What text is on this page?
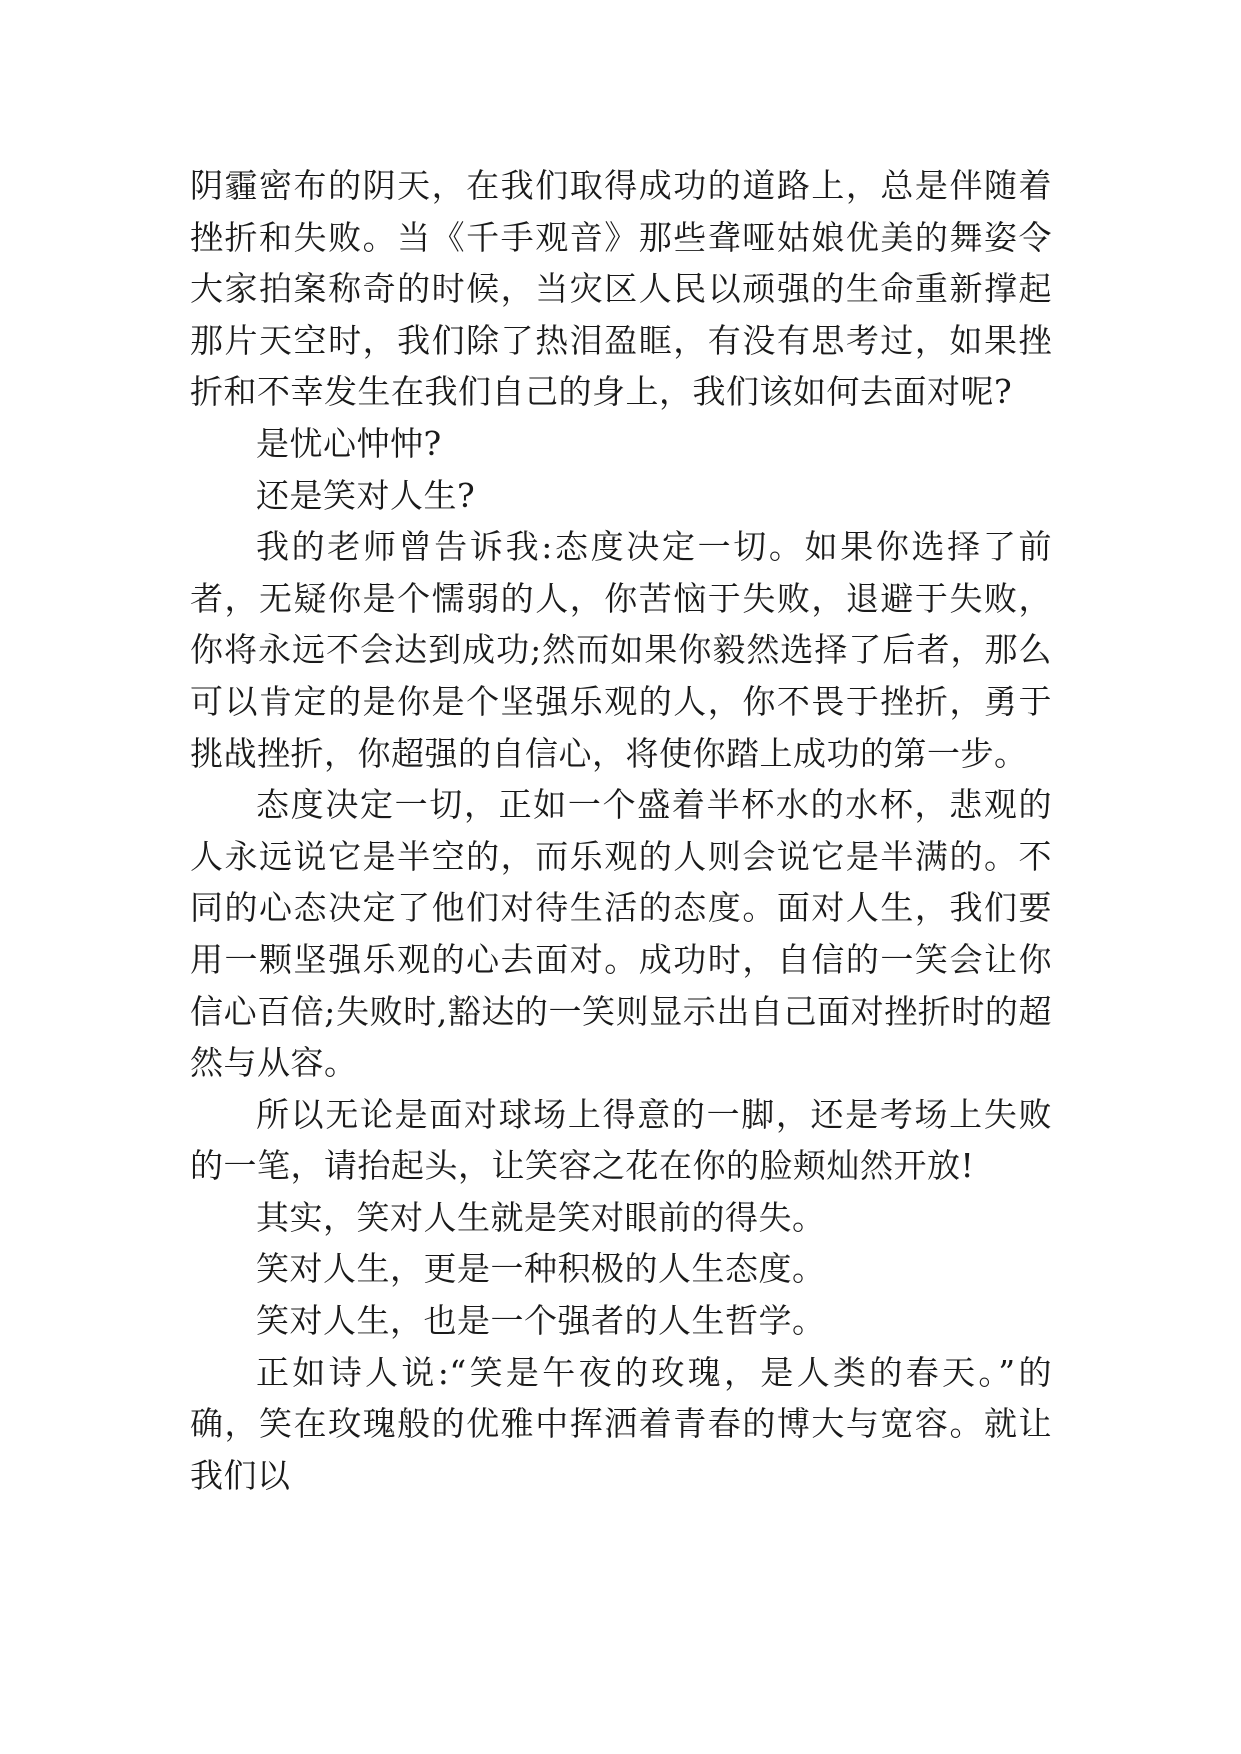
阴霾密布的阴天，在我们取得成功的道路上，总是伴随着挫折和失败。当《千手观音》那些聋哑姑娘优美的舞姿令大家拍案称奇的时候，当灾区人民以顽强的生命重新撑起那片天空时，我们除了热泪盈眶，有没有思考过，如果挫折和不幸发生在我们自己的身上，我们该如何去面对呢?

是忧心忡忡?

还是笑对人生?

我的老师曾告诉我:态度决定一切。如果你选择了前者，无疑你是个懦弱的人，你苦恼于失败，退避于失败，你将永远不会达到成功;然而如果你毅然选择了后者，那么可以肯定的是你是个坚强乐观的人，你不畏于挫折，勇于挑战挫折，你超强的自信心，将使你踏上成功的第一步。

态度决定一切，正如一个盛着半杯水的水杯，悲观的人永远说它是半空的，而乐观的人则会说它是半满的。不同的心态决定了他们对待生活的态度。面对人生，我们要用一颗坚强乐观的心去面对。成功时，自信的一笑会让你信心百倍;失败时,豁达的一笑则显示出自己面对挫折时的超然与从容。

所以无论是面对球场上得意的一脚，还是考场上失败的一笔，请抬起头，让笑容之花在你的脸颊灿然开放!

其实，笑对人生就是笑对眼前的得失。

笑对人生，更是一种积极的人生态度。

笑对人生，也是一个强者的人生哲学。

正如诗人说:“笑是午夜的玫瑰，是人类的春天。”的确，笑在玫瑰般的优雅中挥洒着青春的博大与宽容。就让我们以
